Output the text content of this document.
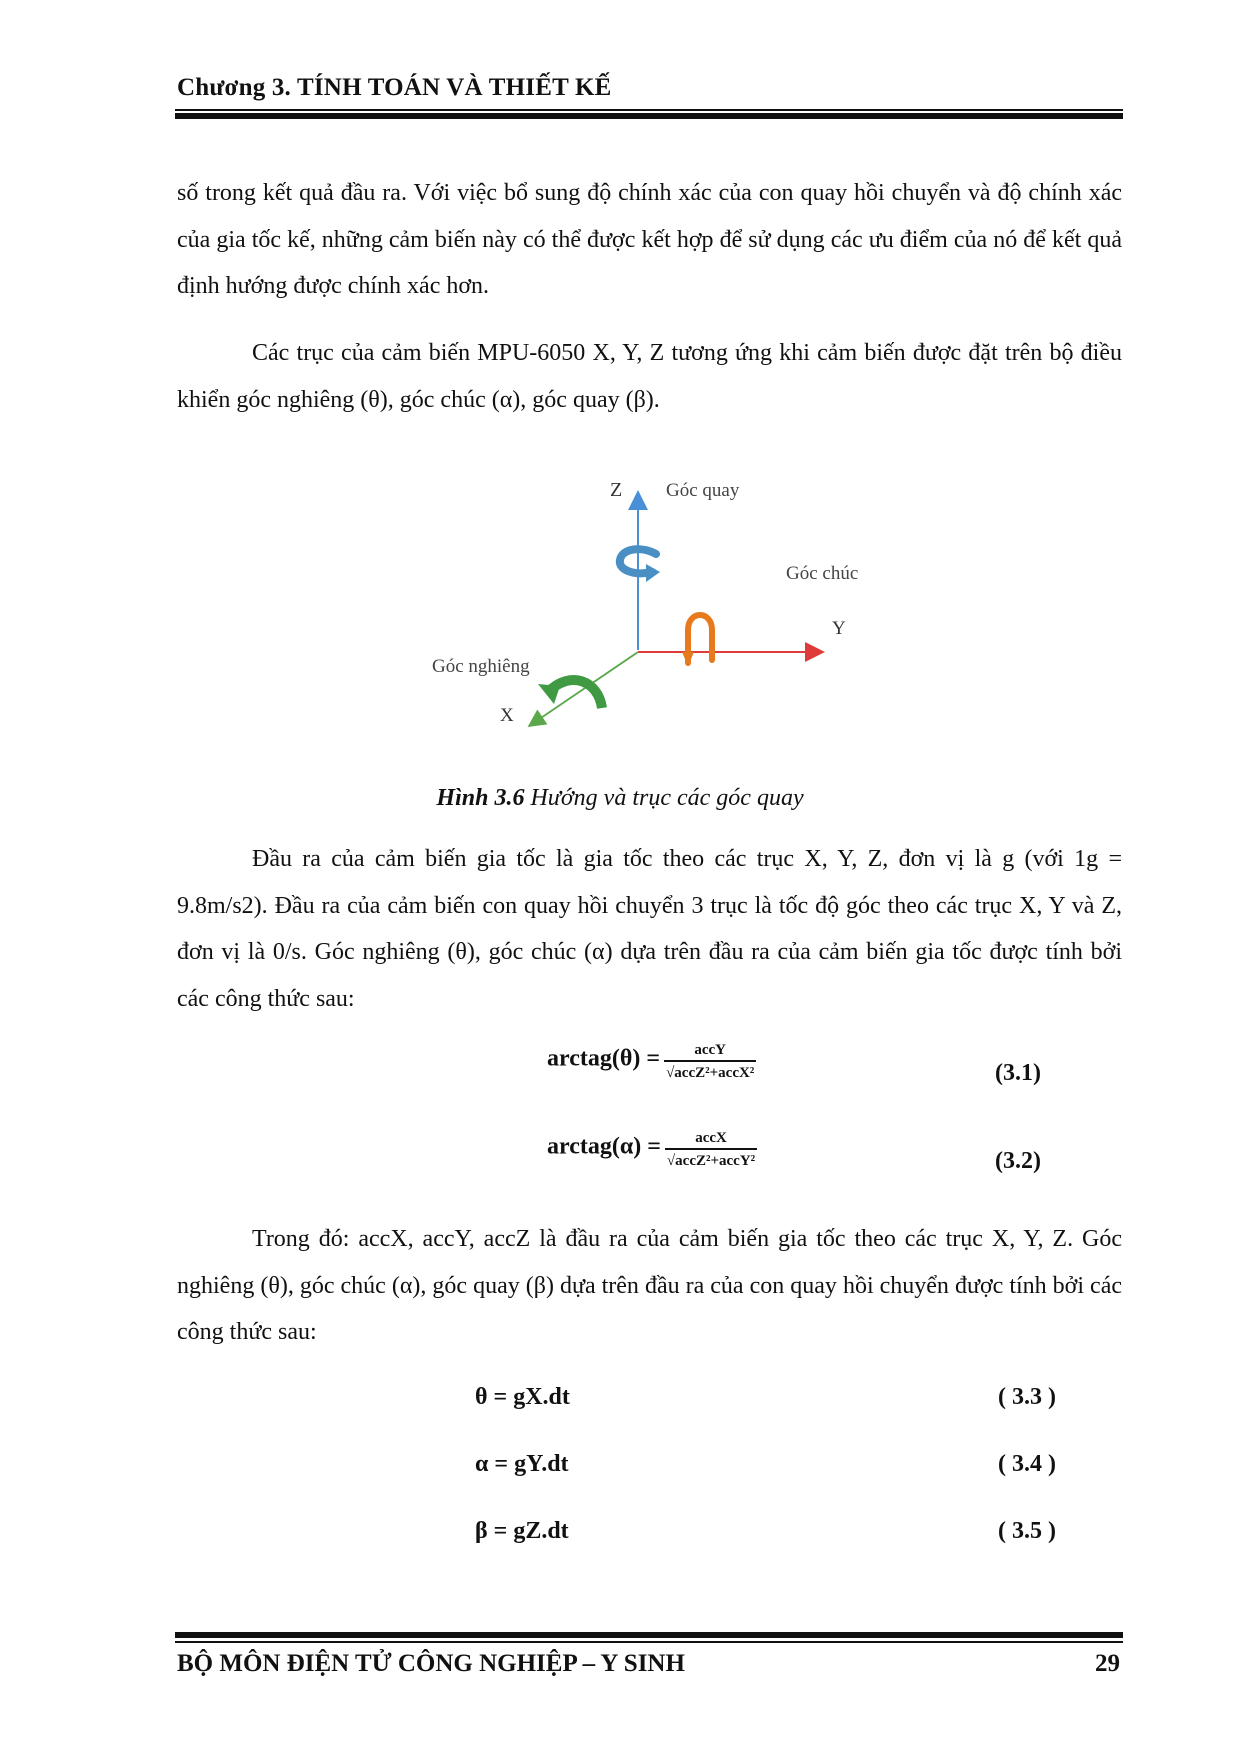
Chương 3. TÍNH TOÁN VÀ THIẾT KẾ

số trong kết quả đầu ra. Với việc bổ sung độ chính xác của con quay hồi chuyển và độ chính xác của gia tốc kế, những cảm biến này có thể được kết hợp để sử dụng các ưu điểm của nó để kết quả định hướng được chính xác hơn.

Các trục của cảm biến MPU-6050 X, Y, Z tương ứng khi cảm biến được đặt trên bộ điều khiển góc nghiêng (θ), góc chúc (α), góc quay (β).

Z Góc quay
Góc chúc
Y
Góc nghiêng
X
Hình 3.6 Hướng và trục các góc quay

Đầu ra của cảm biến gia tốc là gia tốc theo các trục X, Y, Z, đơn vị là g (với 1g = 9.8m/s2). Đầu ra của cảm biến con quay hồi chuyển 3 trục là tốc độ góc theo các trục X, Y và Z, đơn vị là 0/s. Góc nghiêng (θ), góc chúc (α) dựa trên đầu ra của cảm biến gia tốc được tính bởi các công thức sau:

arctag(θ) = $\frac{\text{accY}}{\text{√accZ²+accX²}}$	(3.1)
arctag(α) = $\frac{\text{accX}}{\text{√accZ²+accY²}}$	(3.2)

Trong đó: accX, accY, accZ là đầu ra của cảm biến gia tốc theo các trục X, Y, Z. Góc nghiêng (θ), góc chúc (α), góc quay (β) dựa trên đầu ra của con quay hồi chuyển được tính bởi các công thức sau:

θ = gX.dt	( 3.3 )
α = gY.dt	( 3.4 )
β = gZ.dt	( 3.5 )
BỘ MÔN ĐIỆN TỬ CÔNG NGHIỆP – Y SINH	29
